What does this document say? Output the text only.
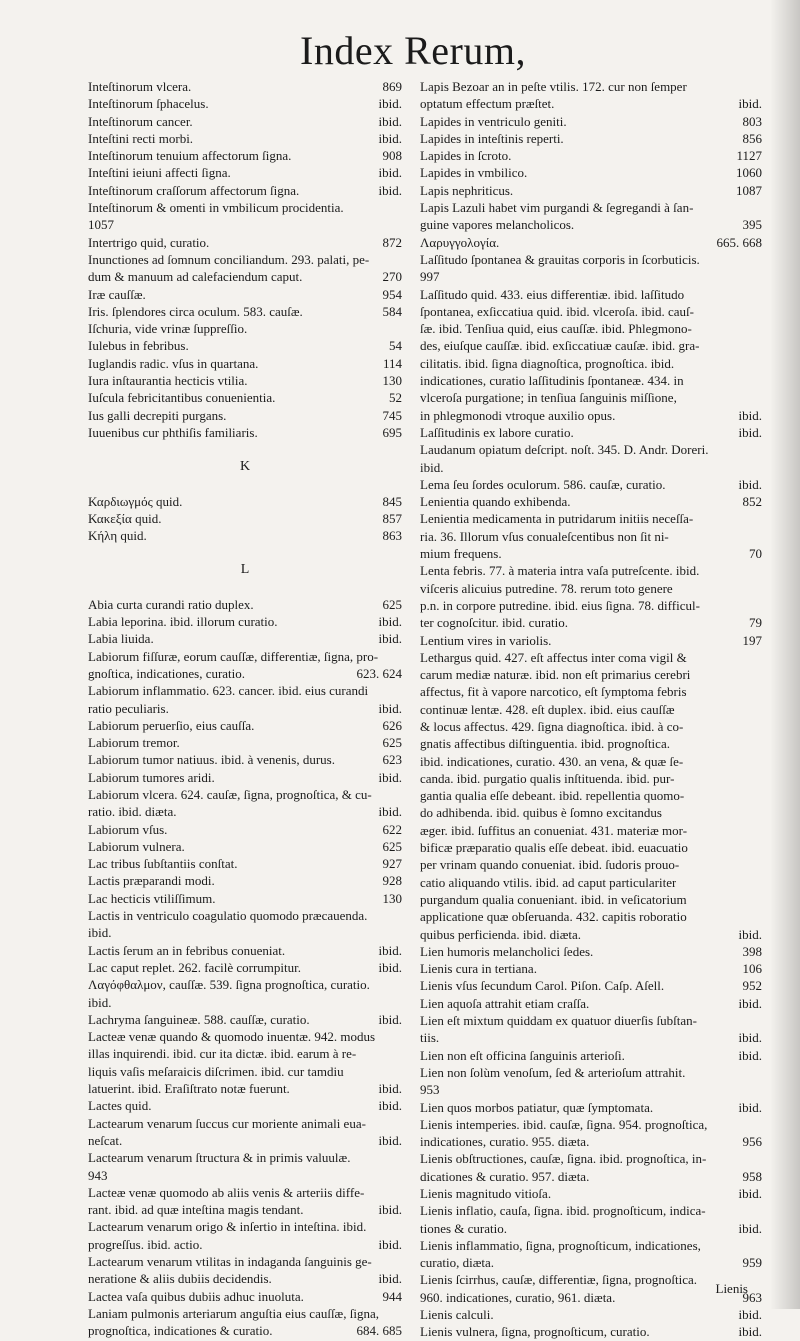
Index Rerum,
Inteſtinorum vlcera.	869
Inteſtinorum ſphacelus.	ibid.
Inteſtinorum cancer.	ibid.
Inteſtini recti morbi.	ibid.
Inteſtinorum tenuium affectorum ſigna.	908
Inteſtini ieiuni affecti ſigna.	ibid.
Inteſtinorum craſſorum affectorum ſigna.	ibid.
Inteſtinorum & omenti in vmbilicum procidentia.
1057
Intertrigo quid, curatio.	872
Inunctiones ad ſomnum conciliandum. 293. palati, pe-
dum & manuum ad calefaciendum caput.	270
Iræ cauſſæ.	954
Iris. ſplendores circa oculum. 583. cauſæ.	584
Iſchuria, vide vrinæ ſuppreſſio.
Iulebus in febribus.	54
Iuglandis radic. vſus in quartana.	114
Iura inſtaurantia hecticis vtilia.	130
Iuſcula febricitantibus conuenientia.	52
Ius galli decrepiti purgans.	745
Iuuenibus cur phthiſis familiaris.	695
K
Καρδιωγμός quid.	845
Κακεξία quid.	857
Κήλη quid.	863
L
Abia curta curandi ratio duplex.	625
Labia leporina. ibid. illorum curatio.	ibid.
Labia liuida.	ibid.
Labiorum fiſſuræ, eorum cauſſæ, differentiæ, ſigna, pro-
gnoſtica, indicationes, curatio.	623. 624
Labiorum inflammatio. 623. cancer. ibid. eius curandi
ratio peculiaris.	ibid.
Labiorum peruerſio, eius cauſſa.	626
Labiorum tremor.	625
Labiorum tumor natiuus. ibid. à venenis, durus.	623
Labiorum tumores aridi.	ibid.
Labiorum vlcera. 624. cauſæ, ſigna, prognoſtica, & cu-
ratio. ibid. diæta.	ibid.
Labiorum vſus.	622
Labiorum vulnera.	625
Lac tribus ſubſtantiis conſtat.	927
Lactis præparandi modi.	928
Lac hecticis vtiliſſimum.	130
Lactis in ventriculo coagulatio quomodo præcauenda.
ibid.
Lactis ſerum an in febribus conueniat.	ibid.
Lac caput replet. 262. facilè corrumpitur.	ibid.
Λαγόφθαλμον, cauſſæ. 539. ſigna prognoſtica, curatio.
ibid.
Lachryma ſanguineæ. 588. cauſſæ, curatio.	ibid.
Lacteæ venæ quando & quomodo inuentæ. 942. modus
illas inquirendi. ibid. cur ita dictæ. ibid. earum à re-
liquis vaſis meſaraicis diſcrimen. ibid. cur tamdiu
latuerint. ibid. Eraſiſtrato notæ fuerunt.	ibid.
Lactes quid.	ibid.
Lactearum venarum ſuccus cur moriente animali eua-
neſcat.	ibid.
Lactearum venarum ſtructura & in primis valuulæ.
943
Lacteæ venæ quomodo ab aliis venis & arteriis diffe-
rant. ibid. ad quæ inteſtina magis tendant.	ibid.
Lactearum venarum origo & inſertio in inteſtina. ibid.
progreſſus. ibid. actio.	ibid.
Lactearum venarum vtilitas in indaganda ſanguinis ge-
neratione & aliis dubiis decidendis.	ibid.
Lactea vaſa quibus dubiis adhuc inuoluta.	944
Laniam pulmonis arteriarum anguſtia eius cauſſæ, ſigna,
prognoſtica, indicationes & curatio.	684. 685
Lapis Bezoar an in peſte vtilis. 172. cur non ſemper
optatum effectum præſtet.	ibid.
Lapides in ventriculo geniti.	803
Lapides in inteſtinis reperti.	856
Lapides in ſcroto.	1127
Lapides in vmbilico.	1060
Lapis nephriticus.	1087
Lapis Lazuli habet vim purgandi & ſegregandi à ſan-
guine vapores melancholicos.	395
Λαρυγγολογία.	665. 668
Laſſitudo ſpontanea & grauitas corporis in ſcorbuticis.
997
Laſſitudo quid. 433. eius differentiæ. ibid. laſſitudo
ſpontanea, exſiccatiua quid. ibid. vlceroſa. ibid. cauſ-
ſæ. ibid. Tenſiua quid, eius cauſſæ. ibid. Phlegmono-
des, eiuſque cauſſæ. ibid. exſiccatiuæ cauſæ. ibid. gra-
cilitatis. ibid. ſigna diagnoſtica, prognoſtica. ibid.
indicationes, curatio laſſitudinis ſpontaneæ. 434. in
vlceroſa purgatione; in tenſiua ſanguinis miſſione,
in phlegmonodi vtroque auxilio opus.	ibid.
Laſſitudinis ex labore curatio.	ibid.
Laudanum opiatum deſcript. noſt. 345. D. Andr. Doreri.
ibid.
Lema ſeu ſordes oculorum. 586. cauſæ, curatio.	ibid.
Lenientia quando exhibenda.	852
Lenientia medicamenta in putridarum initiis neceſſa-
ria. 36. Illorum vſus conualeſcentibus non ſit ni-
mium frequens.	70
Lenta febris. 77. à materia intra vaſa putreſcente. ibid.
viſceris alicuius putredine. 78. rerum toto genere
p.n. in corpore putredine. ibid. eius ſigna. 78. difficul-
ter cognoſcitur. ibid. curatio.	79
Lentium vires in variolis.	197
Lethargus quid. 427. eſt affectus inter coma vigil &
carum mediæ naturæ. ibid. non eſt primarius cerebri
affectus, fit à vapore narcotico, eſt ſymptoma febris
continuæ lentæ. 428. eſt duplex. ibid. eius cauſſæ
& locus affectus. 429. ſigna diagnoſtica. ibid. à co-
gnatis affectibus diſtinguentia. ibid. prognoſtica.
ibid. indicationes, curatio. 430. an vena, & quæ ſe-
canda. ibid. purgatio qualis inſtituenda. ibid. pur-
gantia qualia eſſe debeant. ibid. repellentia quomo-
do adhibenda. ibid. quibus è ſomno excitandus
æger. ibid. ſuffitus an conueniat. 431. materiæ mor-
bificæ præparatio qualis eſſe debeat. ibid. euacuatio
per vrinam quando conueniat. ibid. ſudoris prouo-
catio aliquando vtilis. ibid. ad caput particulariter
purgandum qualia conueniant. ibid. in veſicatorium
applicatione quæ obſeruanda. 432. capitis roboratio
quibus perficienda. ibid. diæta.	ibid.
Lien humoris melancholici ſedes.	398
Lienis cura in tertiana.	106
Lienis vſus ſecundum Carol. Piſon. Caſp. Aſell.	952
Lien aquoſa attrahit etiam craſſa.	ibid.
Lien eſt mixtum quiddam ex quatuor diuerſis ſubſtan-
tiis.	ibid.
Lien non eſt officina ſanguinis arterioſi.	ibid.
Lien non ſolùm venoſum, ſed & arterioſum attrahit.
953
Lien quos morbos patiatur, quæ ſymptomata.	ibid.
Lienis intemperies. ibid. cauſæ, ſigna. 954. prognoſtica,
indicationes, curatio. 955. diæta.	956
Lienis obſtructiones, cauſæ, ſigna. ibid. prognoſtica, in-
dicationes & curatio. 957. diæta.	958
Lienis magnitudo vitioſa.	ibid.
Lienis inflatio, cauſa, ſigna. ibid. prognoſticum, indica-
tiones & curatio.	ibid.
Lienis inflammatio, ſigna, prognoſticum, indicationes,
curatio, diæta.	959
Lienis ſcirrhus, cauſæ, differentiæ, ſigna, prognoſtica.
960. indicationes, curatio, 961. diæta.	963
Lienis calculi.	ibid.
Lienis vulnera, ſigna, prognoſticum, curatio.	ibid.
Lienis
